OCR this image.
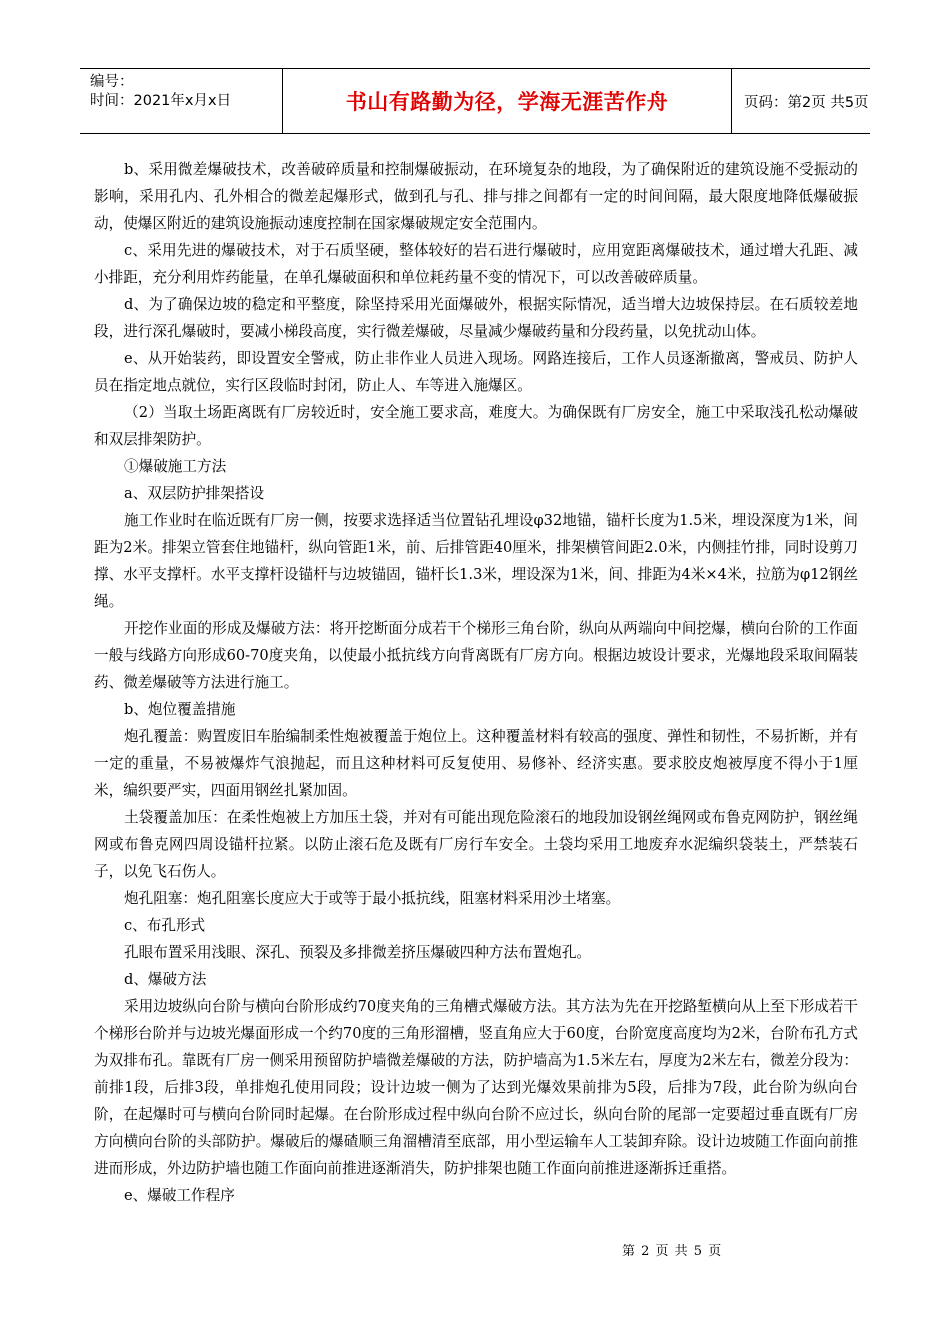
编号：
时间：2021年x月x日	书山有路勤为径，学海无涯苦作舟	页码：第2页 共5页

b、采用微差爆破技术，改善破碎质量和控制爆破振动，在环境复杂的地段，为了确保附近的建筑设施不受振动的影响，采用孔内、孔外相合的微差起爆形式，做到孔与孔、排与排之间都有一定的时间间隔，最大限度地降低爆破振动，使爆区附近的建筑设施振动速度控制在国家爆破规定安全范围内。

c、采用先进的爆破技术，对于石质坚硬，整体较好的岩石进行爆破时，应用宽距离爆破技术，通过增大孔距、减小排距，充分利用炸药能量，在单孔爆破面积和单位耗药量不变的情况下，可以改善破碎质量。

d、为了确保边坡的稳定和平整度，除坚持采用光面爆破外，根据实际情况，适当增大边坡保持层。在石质较差地段，进行深孔爆破时，要减小梯段高度，实行微差爆破，尽量减少爆破药量和分段药量，以免扰动山体。

e、从开始装药，即设置安全警戒，防止非作业人员进入现场。网路连接后，工作人员逐渐撤离，警戒员、防护人员在指定地点就位，实行区段临时封闭，防止人、车等进入施爆区。

（2）当取土场距离既有厂房较近时，安全施工要求高，难度大。为确保既有厂房安全，施工中采取浅孔松动爆破和双层排架防护。

①爆破施工方法

a、双层防护排架搭设

施工作业时在临近既有厂房一侧，按要求选择适当位置钻孔埋设φ32地锚，锚杆长度为1.5米，埋设深度为1米，间距为2米。排架立管套住地锚杆，纵向管距1米，前、后排管距40厘米，排架横管间距2.0米，内侧挂竹排，同时设剪刀撑、水平支撑杆。水平支撑杆设锚杆与边坡锚固，锚杆长1.3米，埋设深为1米，间、排距为4米×4米，拉筋为φ12钢丝绳。

开挖作业面的形成及爆破方法：将开挖断面分成若干个梯形三角台阶，纵向从两端向中间挖爆，横向台阶的工作面一般与线路方向形成60-70度夹角，以使最小抵抗线方向背离既有厂房方向。根据边坡设计要求，光爆地段采取间隔装药、微差爆破等方法进行施工。

b、炮位覆盖措施

炮孔覆盖：购置废旧车胎编制柔性炮被覆盖于炮位上。这种覆盖材料有较高的强度、弹性和韧性，不易折断，并有一定的重量，不易被爆炸气浪抛起，而且这种材料可反复使用、易修补、经济实惠。要求胶皮炮被厚度不得小于1厘米，编织要严实，四面用钢丝扎紧加固。

土袋覆盖加压：在柔性炮被上方加压土袋，并对有可能出现危险滚石的地段加设钢丝绳网或布鲁克网防护，钢丝绳网或布鲁克网四周设锚杆拉紧。以防止滚石危及既有厂房行车安全。土袋均采用工地废弃水泥编织袋装土，严禁装石子，以免飞石伤人。

炮孔阻塞：炮孔阻塞长度应大于或等于最小抵抗线，阻塞材料采用沙土堵塞。

c、布孔形式

孔眼布置采用浅眼、深孔、预裂及多排微差挤压爆破四种方法布置炮孔。

d、爆破方法

采用边坡纵向台阶与横向台阶形成约70度夹角的三角槽式爆破方法。其方法为先在开挖路堑横向从上至下形成若干个梯形台阶并与边坡光爆面形成一个约70度的三角形溜槽，竖直角应大于60度，台阶宽度高度均为2米，台阶布孔方式为双排布孔。靠既有厂房一侧采用预留防护墙微差爆破的方法，防护墙高为1.5米左右，厚度为2米左右，微差分段为：前排1段，后排3段，单排炮孔使用同段；设计边坡一侧为了达到光爆效果前排为5段，后排为7段，此台阶为纵向台阶，在起爆时可与横向台阶同时起爆。在台阶形成过程中纵向台阶不应过长，纵向台阶的尾部一定要超过垂直既有厂房方向横向台阶的头部防护。爆破后的爆碴顺三角溜槽清至底部，用小型运输车人工装卸弃除。设计边坡随工作面向前推进而形成，外边防护墙也随工作面向前推进逐渐消失，防护排架也随工作面向前推进逐渐拆迁重搭。

e、爆破工作程序

第 2 页 共 5 页
